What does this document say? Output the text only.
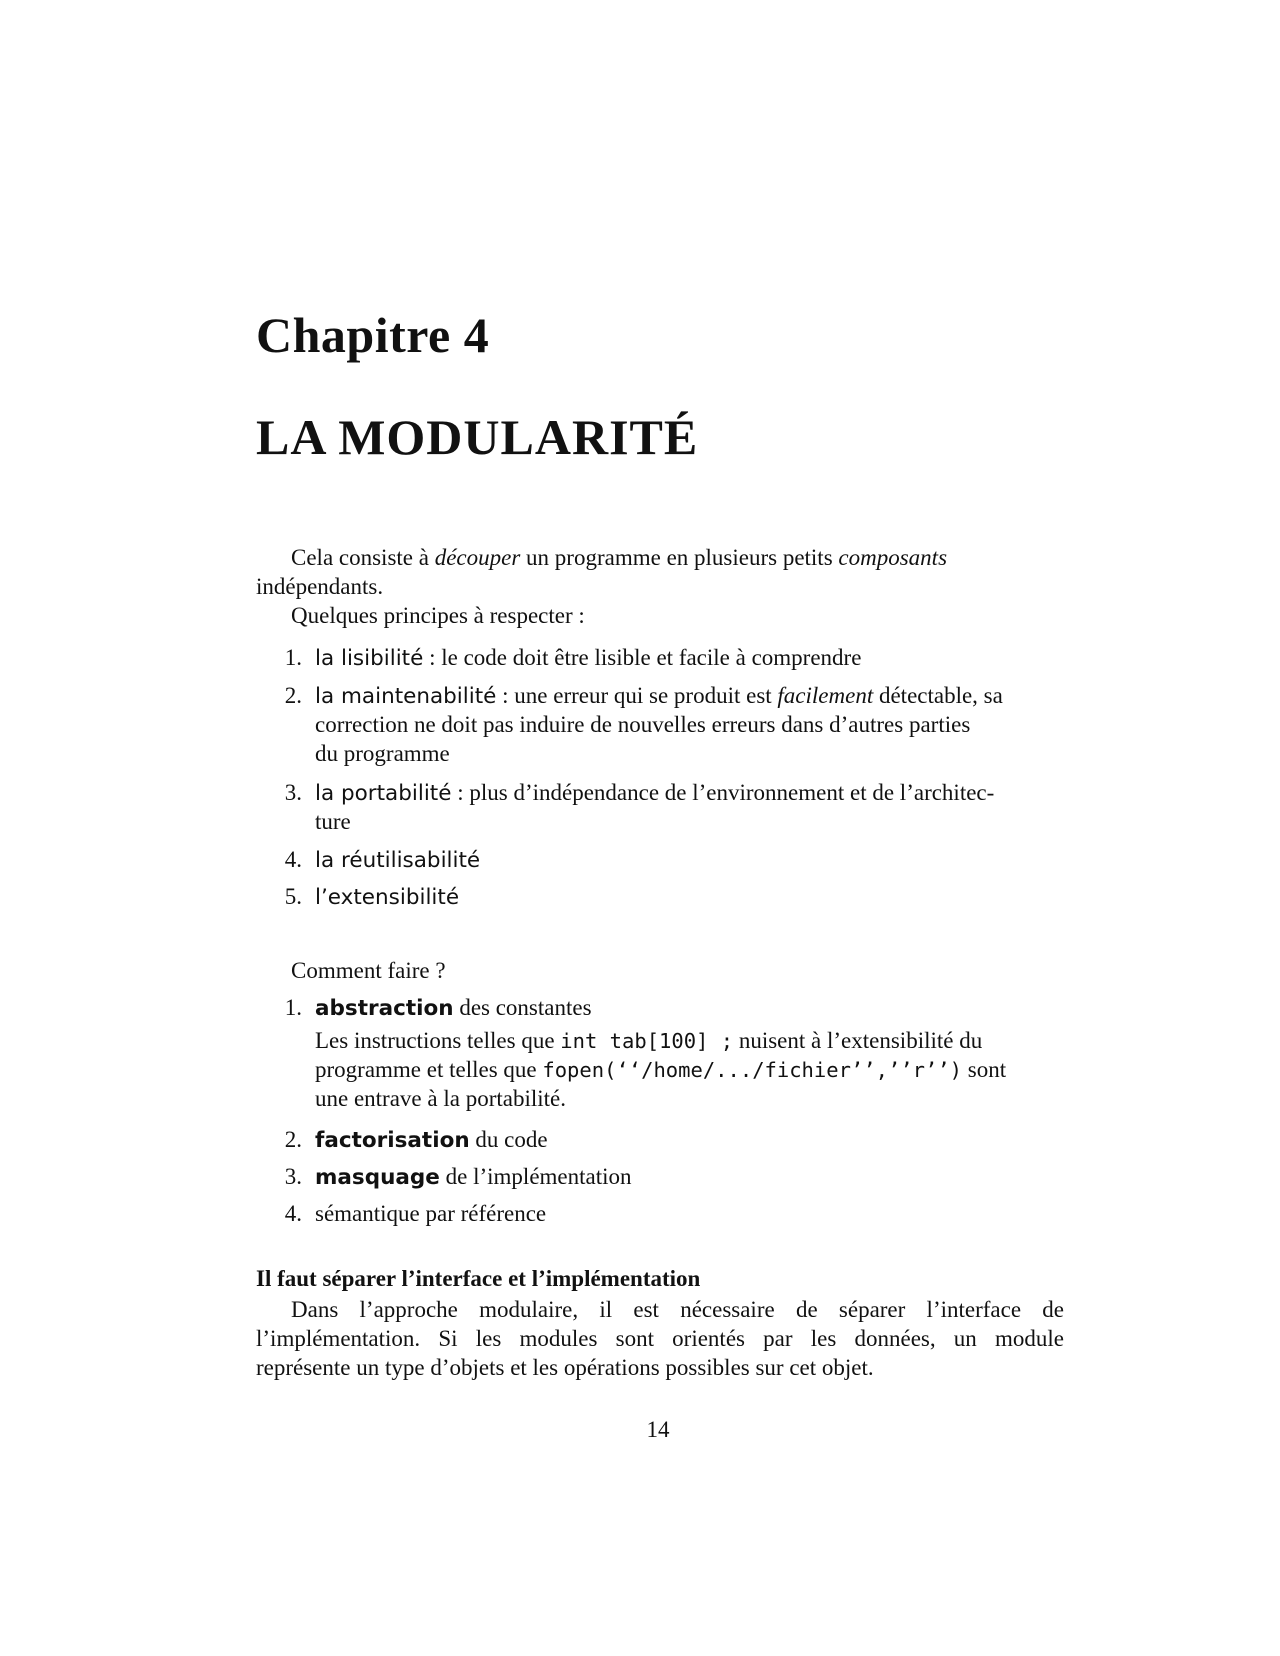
Chapitre 4
LA MODULARITÉ
Cela consiste à découper un programme en plusieurs petits composants
indépendants.
Quelques principes à respecter :
1. la lisibilité : le code doit être lisible et facile à comprendre
2. la maintenabilité : une erreur qui se produit est facilement détectable, sa
correction ne doit pas induire de nouvelles erreurs dans d’autres parties
du programme
3. la portabilité : plus d’indépendance de l’environnement et de l’architec-
ture
4. la réutilisabilité
5. l’extensibilité
Comment faire ?
1. abstraction des constantes
Les instructions telles que int tab[100] ; nuisent à l’extensibilité du
programme et telles que fopen(‘‘/home/.../fichier’’,’’r’’) sont
une entrave à la portabilité.
2. factorisation du code
3. masquage de l’implémentation
4. sémantique par référence
Il faut séparer l’interface et l’implémentation
Dans l’approche modulaire, il est nécessaire de séparer l’interface de
l’implémentation. Si les modules sont orientés par les données, un module
représente un type d’objets et les opérations possibles sur cet objet.
14
